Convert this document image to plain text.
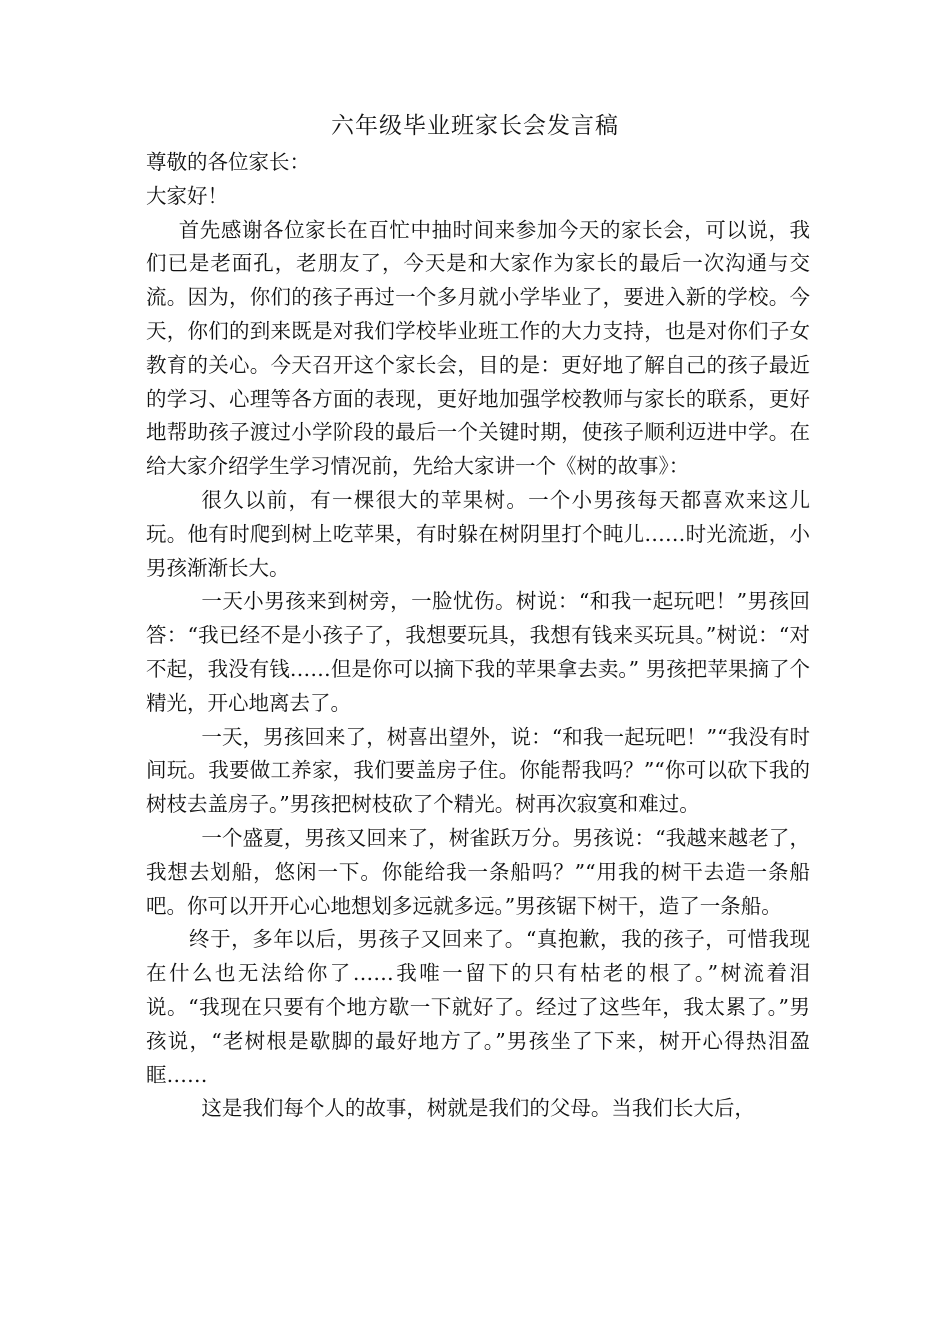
六年级毕业班家长会发言稿

尊敬的各位家长：

大家好！

首先感谢各位家长在百忙中抽时间来参加今天的家长会，可以说，我们已是老面孔，老朋友了，今天是和大家作为家长的最后一次沟通与交流。因为，你们的孩子再过一个多月就小学毕业了，要进入新的学校。今天，你们的到来既是对我们学校毕业班工作的大力支持，也是对你们子女教育的关心。今天召开这个家长会，目的是：更好地了解自己的孩子最近的学习、心理等各方面的表现，更好地加强学校教师与家长的联系，更好地帮助孩子渡过小学阶段的最后一个关键时期，使孩子顺利迈进中学。在给大家介绍学生学习情况前，先给大家讲一个《树的故事》：

很久以前，有一棵很大的苹果树。一个小男孩每天都喜欢来这儿玩。他有时爬到树上吃苹果，有时躲在树阴里打个盹儿……时光流逝，小男孩渐渐长大。

一天小男孩来到树旁，一脸忧伤。树说：“和我一起玩吧！”男孩回答：“我已经不是小孩子了，我想要玩具，我想有钱来买玩具。”树说：“对不起，我没有钱……但是你可以摘下我的苹果拿去卖。” 男孩把苹果摘了个精光，开心地离去了。

一天，男孩回来了，树喜出望外，说：“和我一起玩吧！”“我没有时间玩。我要做工养家，我们要盖房子住。你能帮我吗？”“你可以砍下我的树枝去盖房子。”男孩把树枝砍了个精光。树再次寂寞和难过。

一个盛夏，男孩又回来了，树雀跃万分。男孩说：“我越来越老了，我想去划船，悠闲一下。你能给我一条船吗？”“用我的树干去造一条船吧。你可以开开心心地想划多远就多远。”男孩锯下树干，造了一条船。

终于，多年以后，男孩子又回来了。“真抱歉，我的孩子，可惜我现在什么也无法给你了……我唯一留下的只有枯老的根了。”树流着泪说。“我现在只要有个地方歇一下就好了。经过了这些年，我太累了。”男孩说，“老树根是歇脚的最好地方了。”男孩坐了下来，树开心得热泪盈眶……

这是我们每个人的故事，树就是我们的父母。当我们长大后，
